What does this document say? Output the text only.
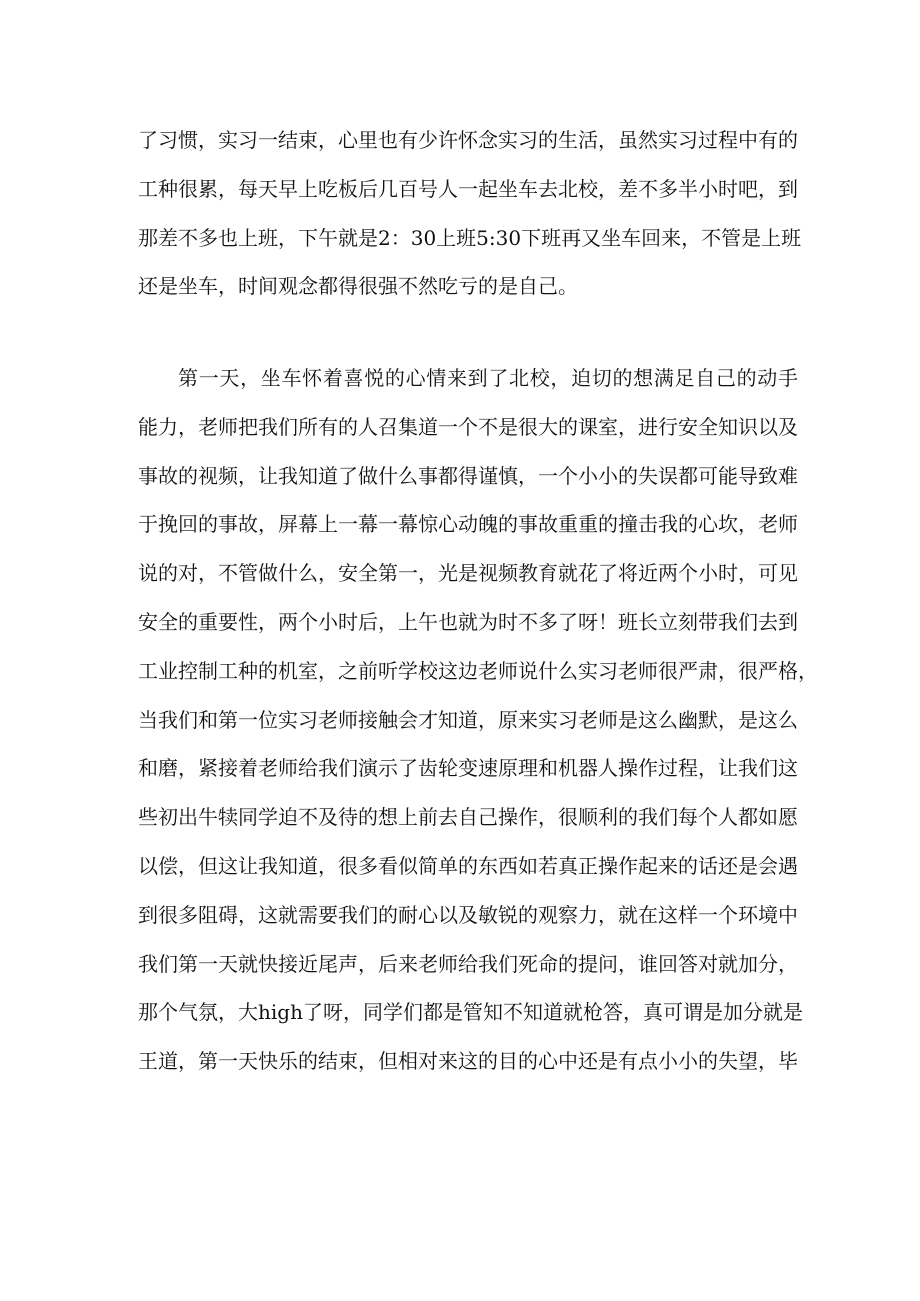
了习惯，实习一结束，心里也有少许怀念实习的生活，虽然实习过程中有的
工种很累，每天早上吃板后几百号人一起坐车去北校，差不多半小时吧，到
那差不多也上班，下午就是2：30上班5:30下班再又坐车回来，不管是上班
还是坐车，时间观念都得很强不然吃亏的是自己。
第一天，坐车怀着喜悦的心情来到了北校，迫切的想满足自己的动手
能力，老师把我们所有的人召集道一个不是很大的课室，进行安全知识以及
事故的视频，让我知道了做什么事都得谨慎，一个小小的失误都可能导致难
于挽回的事故，屏幕上一幕一幕惊心动魄的事故重重的撞击我的心坎，老师
说的对，不管做什么，安全第一，光是视频教育就花了将近两个小时，可见
安全的重要性，两个小时后，上午也就为时不多了呀！班长立刻带我们去到
工业控制工种的机室，之前听学校这边老师说什么实习老师很严肃，很严格，
当我们和第一位实习老师接触会才知道，原来实习老师是这么幽默，是这么
和磨，紧接着老师给我们演示了齿轮变速原理和机器人操作过程，让我们这
些初出牛犊同学迫不及待的想上前去自己操作，很顺利的我们每个人都如愿
以偿，但这让我知道，很多看似简单的东西如若真正操作起来的话还是会遇
到很多阻碍，这就需要我们的耐心以及敏锐的观察力，就在这样一个环境中
我们第一天就快接近尾声，后来老师给我们死命的提问，谁回答对就加分，
那个气氛，大high了呀，同学们都是管知不知道就枪答，真可谓是加分就是
王道，第一天快乐的结束，但相对来这的目的心中还是有点小小的失望，毕
